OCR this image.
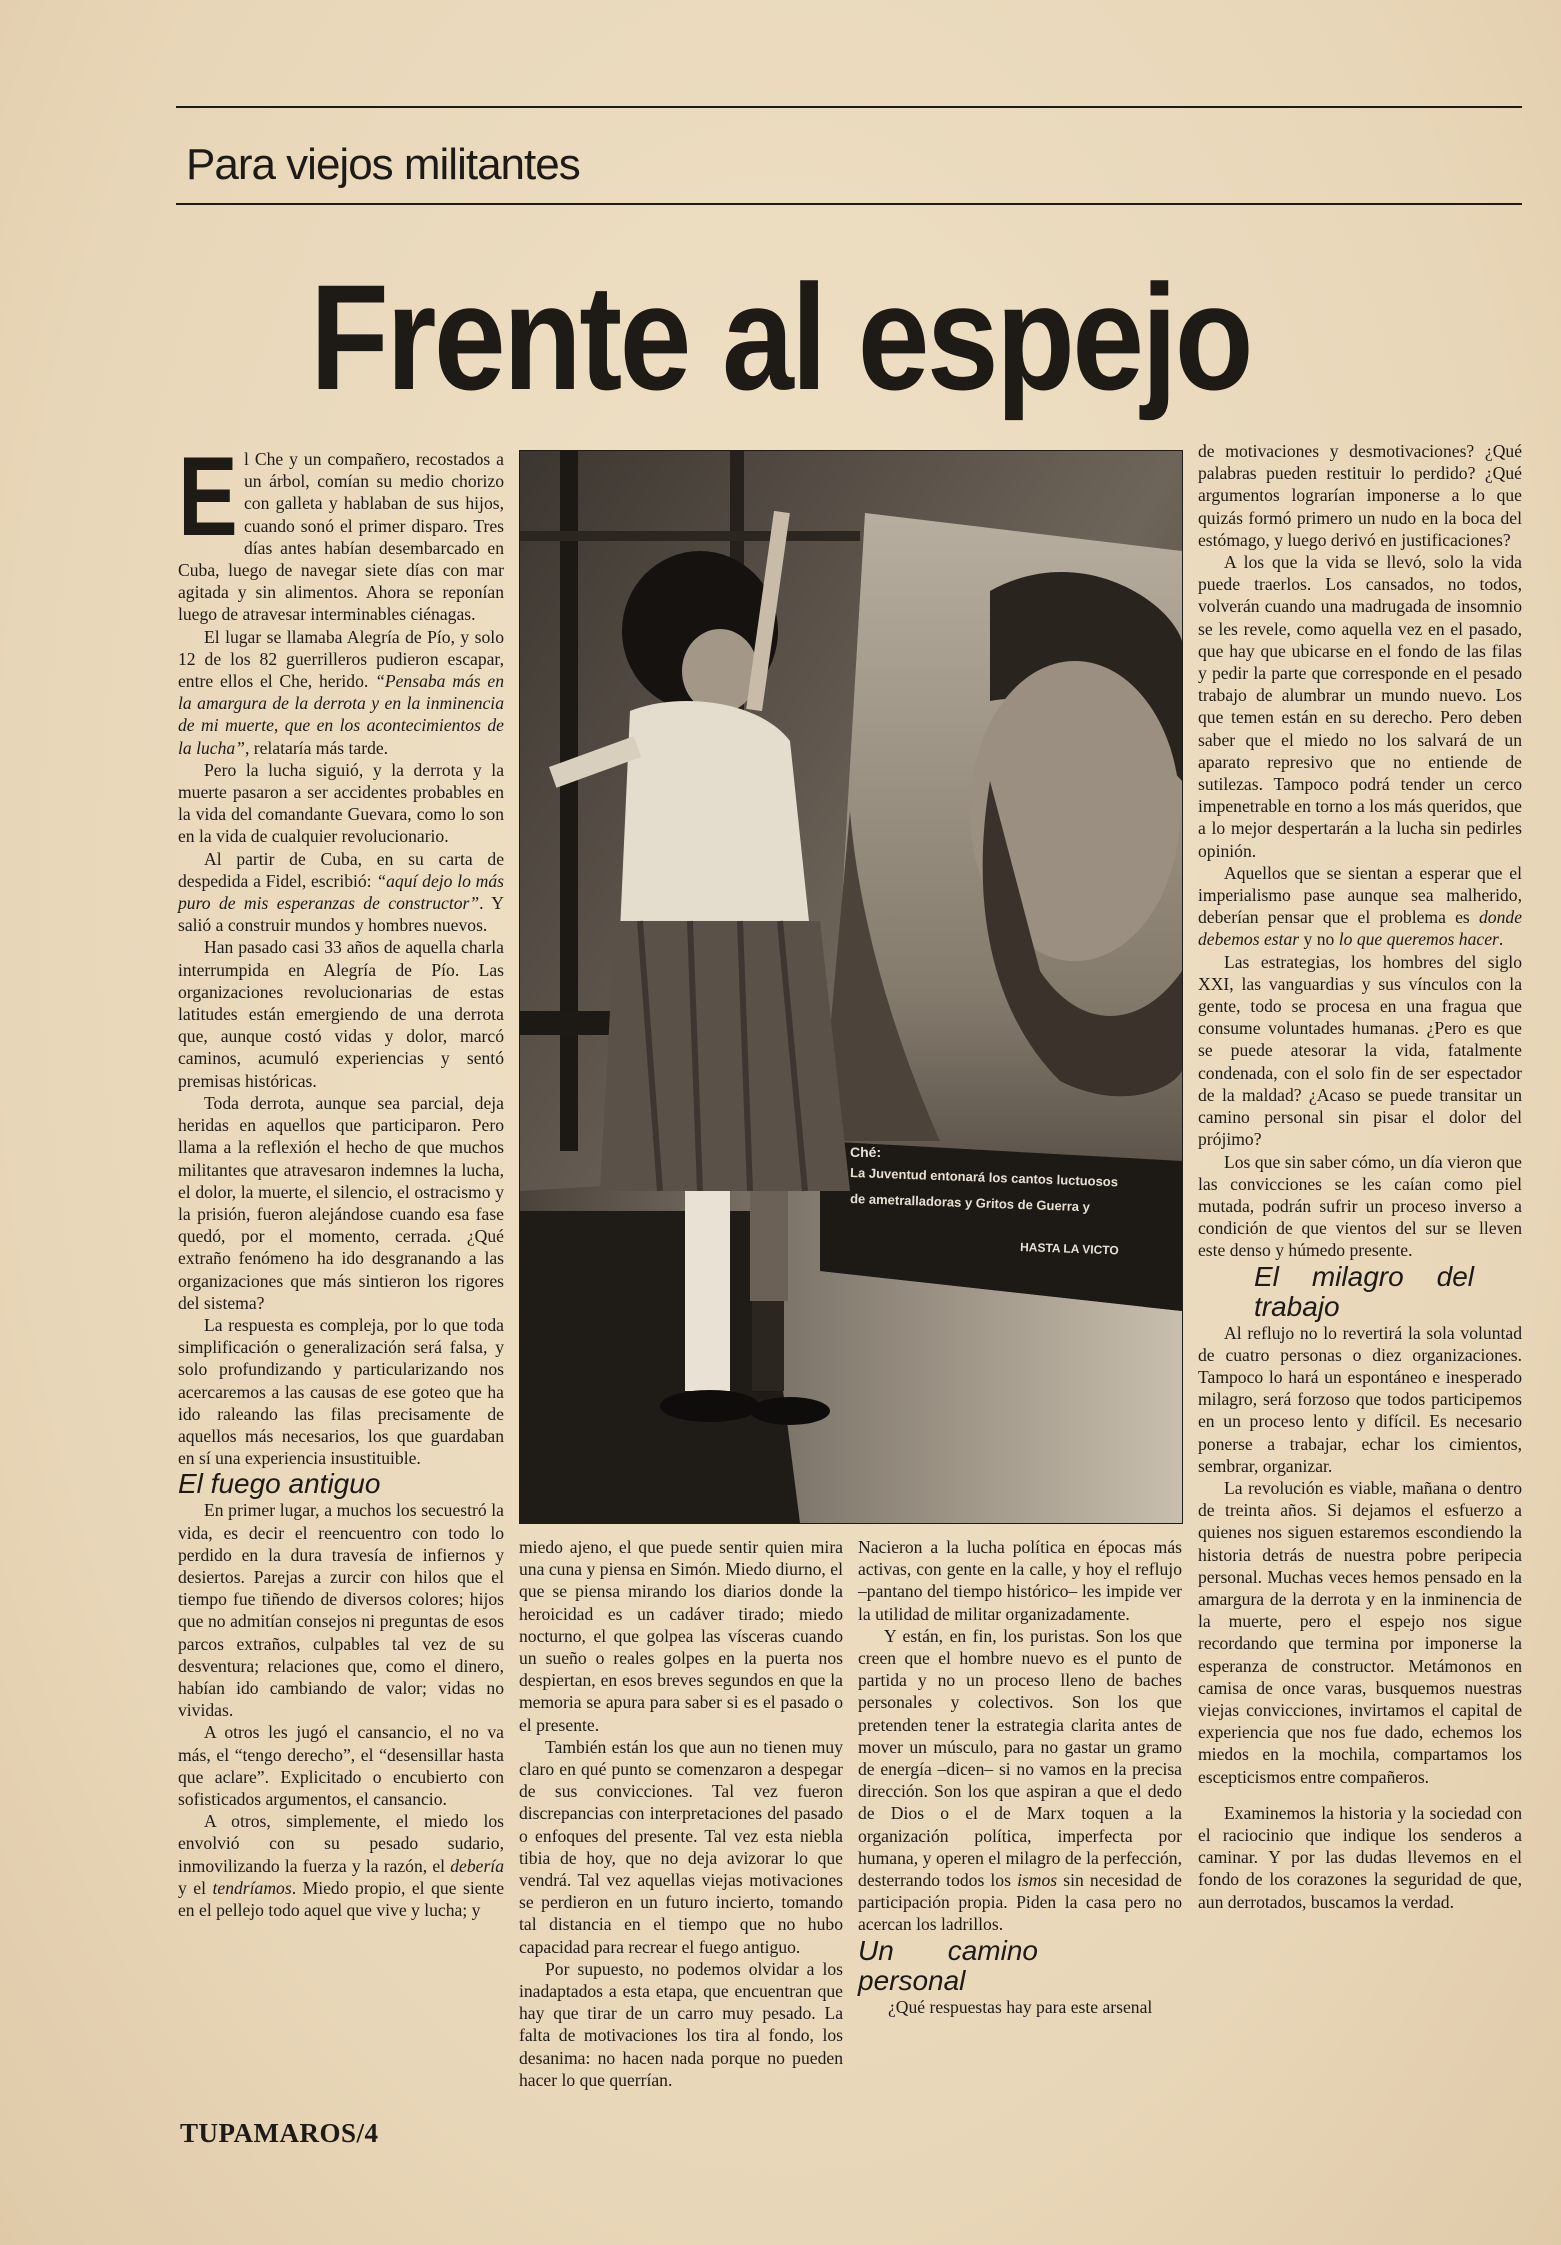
Para viejos militantes
Frente al espejo

El Che y un compañero, recostados a un árbol, comían su medio chorizo con galleta y hablaban de sus hijos, cuando sonó el primer disparo. Tres días antes habían desembarcado en Cuba, luego de navegar siete días con mar agitada y sin alimentos. Ahora se reponían luego de atravesar interminables ciénagas.

El lugar se llamaba Alegría de Pío, y solo 12 de los 82 guerrilleros pudieron escapar, entre ellos el Che, herido. “Pensaba más en la amargura de la derrota y en la inminencia de mi muerte, que en los acontecimientos de la lucha”, relataría más tarde.

Pero la lucha siguió, y la derrota y la muerte pasaron a ser accidentes probables en la vida del comandante Guevara, como lo son en la vida de cualquier revolucionario.

Al partir de Cuba, en su carta de despedida a Fidel, escribió: “aquí dejo lo más puro de mis esperanzas de constructor”. Y salió a construir mundos y hombres nuevos.

Han pasado casi 33 años de aquella charla interrumpida en Alegría de Pío. Las organizaciones revolucionarias de estas latitudes están emergiendo de una derrota que, aunque costó vidas y dolor, marcó caminos, acumuló experiencias y sentó premisas históricas.

Toda derrota, aunque sea parcial, deja heridas en aquellos que participaron. Pero llama a la reflexión el hecho de que muchos militantes que atravesaron indemnes la lucha, el dolor, la muerte, el silencio, el ostracismo y la prisión, fueron alejándose cuando esa fase quedó, por el momento, cerrada. ¿Qué extraño fenómeno ha ido desgranando a las organizaciones que más sintieron los rigores del sistema?

La respuesta es compleja, por lo que toda simplificación o generalización será falsa, y solo profundizando y particularizando nos acercaremos a las causas de ese goteo que ha ido raleando las filas precisamente de aquellos más necesarios, los que guardaban en sí una experiencia insustituible.

El fuego antiguo

En primer lugar, a muchos los secuestró la vida, es decir el reencuentro con todo lo perdido en la dura travesía de infiernos y desiertos. Parejas a zurcir con hilos que el tiempo fue tiñendo de diversos colores; hijos que no admitían consejos ni preguntas de esos parcos extraños, culpables tal vez de su desventura; relaciones que, como el dinero, habían ido cambiando de valor; vidas no vividas.

A otros les jugó el cansancio, el no va más, el “tengo derecho”, el “desensillar hasta que aclare”. Explicitado o encubierto con sofisticados argumentos, el cansancio.

A otros, simplemente, el miedo los envolvió con su pesado sudario, inmovilizando la fuerza y la razón, el debería y el tendríamos. Miedo propio, el que siente en el pellejo todo aquel que vive y lucha; y

Ché:
La Juventud entonará los cantos luctuosos
de ametralladoras y Gritos de Guerra y
HASTA LA VICTO

miedo ajeno, el que puede sentir quien mira una cuna y piensa en Simón. Miedo diurno, el que se piensa mirando los diarios donde la heroicidad es un cadáver tirado; miedo nocturno, el que golpea las vísceras cuando un sueño o reales golpes en la puerta nos despiertan, en esos breves segundos en que la memoria se apura para saber si es el pasado o el presente.

También están los que aun no tienen muy claro en qué punto se comenzaron a despegar de sus convicciones. Tal vez fueron discrepancias con interpretaciones del pasado o enfoques del presente. Tal vez esta niebla tibia de hoy, que no deja avizorar lo que vendrá. Tal vez aquellas viejas motivaciones se perdieron en un futuro incierto, tomando tal distancia en el tiempo que no hubo capacidad para recrear el fuego antiguo.

Por supuesto, no podemos olvidar a los inadaptados a esta etapa, que encuentran que hay que tirar de un carro muy pesado. La falta de motivaciones los tira al fondo, los desanima: no hacen nada porque no pueden hacer lo que querrían.

Nacieron a la lucha política en épocas más activas, con gente en la calle, y hoy el reflujo –pantano del tiempo histórico– les impide ver la utilidad de militar organizadamente.

Y están, en fin, los puristas. Son los que creen que el hombre nuevo es el punto de partida y no un proceso lleno de baches personales y colectivos. Son los que pretenden tener la estrategia clarita antes de mover un músculo, para no gastar un gramo de energía –dicen– si no vamos en la precisa dirección. Son los que aspiran a que el dedo de Dios o el de Marx toquen a la organización política, imperfecta por humana, y operen el milagro de la perfección, desterrando todos los ismos sin necesidad de participación propia. Piden la casa pero no acercan los ladrillos.

Un camino personal

¿Qué respuestas hay para este arsenal

de motivaciones y desmotivaciones? ¿Qué palabras pueden restituir lo perdido? ¿Qué argumentos lograrían imponerse a lo que quizás formó primero un nudo en la boca del estómago, y luego derivó en justificaciones?

A los que la vida se llevó, solo la vida puede traerlos. Los cansados, no todos, volverán cuando una madrugada de insomnio se les revele, como aquella vez en el pasado, que hay que ubicarse en el fondo de las filas y pedir la parte que corresponde en el pesado trabajo de alumbrar un mundo nuevo. Los que temen están en su derecho. Pero deben saber que el miedo no los salvará de un aparato represivo que no entiende de sutilezas. Tampoco podrá tender un cerco impenetrable en torno a los más queridos, que a lo mejor despertarán a la lucha sin pedirles opinión.

Aquellos que se sientan a esperar que el imperialismo pase aunque sea malherido, deberían pensar que el problema es donde debemos estar y no lo que queremos hacer.

Las estrategias, los hombres del siglo XXI, las vanguardias y sus vínculos con la gente, todo se procesa en una fragua que consume voluntades humanas. ¿Pero es que se puede atesorar la vida, fatalmente condenada, con el solo fin de ser espectador de la maldad? ¿Acaso se puede transitar un camino personal sin pisar el dolor del prójimo?

Los que sin saber cómo, un día vieron que las convicciones se les caían como piel mutada, podrán sufrir un proceso inverso a condición de que vientos del sur se lleven este denso y húmedo presente.

El milagro del trabajo

Al reflujo no lo revertirá la sola voluntad de cuatro personas o diez organizaciones. Tampoco lo hará un espontáneo e inesperado milagro, será forzoso que todos participemos en un proceso lento y difícil. Es necesario ponerse a trabajar, echar los cimientos, sembrar, organizar.

La revolución es viable, mañana o dentro de treinta años. Si dejamos el esfuerzo a quienes nos siguen estaremos escondiendo la historia detrás de nuestra pobre peripecia personal. Muchas veces hemos pensado en la amargura de la derrota y en la inminencia de la muerte, pero el espejo nos sigue recordando que termina por imponerse la esperanza de constructor. Metámonos en camisa de once varas, busquemos nuestras viejas convicciones, invirtamos el capital de experiencia que nos fue dado, echemos los miedos en la mochila, compartamos los escepticismos entre compañeros.

Examinemos la historia y la sociedad con el raciocinio que indique los senderos a caminar. Y por las dudas llevemos en el fondo de los corazones la seguridad de que, aun derrotados, buscamos la verdad.

TUPAMAROS/4
